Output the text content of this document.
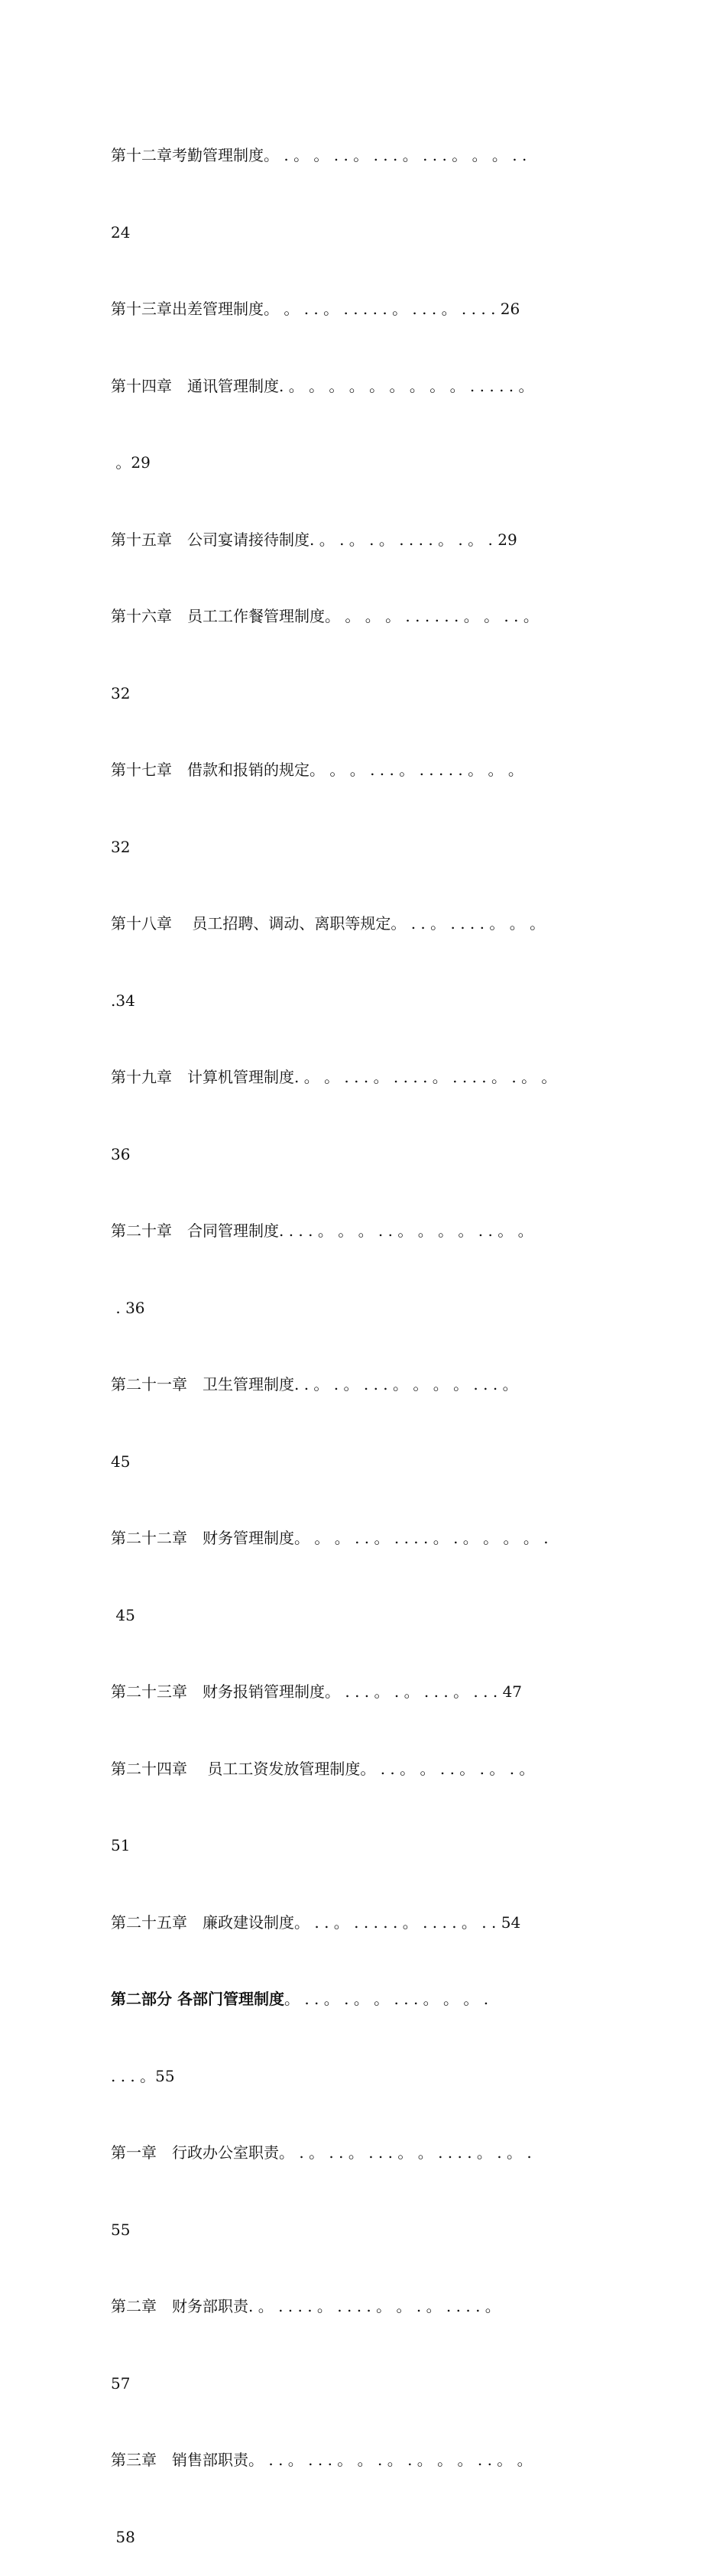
第十二章考勤管理制度。 . 。 。 . . 。 . . . 。 . . . 。 。 。 . .

24

第十三章出差管理制度。 。 . . 。 . . . . . 。 . . . 。 . . . . 26

第十四章　通讯管理制度. 。 。 。 。 。 。 。 。 。 . . . . . 。

。29

第十五章　公司宴请接待制度. 。 . 。 . 。 . . . . 。 . 。 . 29

第十六章　员工工作餐管理制度。 。 。 。 . . . . . . 。 。 . . 。

32

第十七章　借款和报销的规定。 。 。 . . . 。 . . . . . 。 。 。

32

第十八章　 员工招聘、调动、离职等规定。 . . 。 . . . . 。 。 。

.34

第十九章　计算机管理制度. 。 。 . . . 。 . . . . 。 . . . . 。 . 。 。

36

第二十章　合同管理制度. . . . 。 。 。 . . 。 。 。 。 . . 。 。

. 36

第二十一章　卫生管理制度. . 。 . 。 . . . 。 。 。 。 . . . 。

45

第二十二章　财务管理制度。 。 。 . . 。 . . . . 。 . 。 。 。 。 .

45

第二十三章　财务报销管理制度。 . . . 。 . 。 . . . 。 . . . 47

第二十四章　 员工工资发放管理制度。 . . 。 。 . . 。 . 。 . 。

51

第二十五章　廉政建设制度。 . . 。 . . . . . 。 . . . . 。 . . 54

第二部分 各部门管理制度。 . . 。 . 。 。 . . . 。 。 。 .

. . . 。55

第一章　行政办公室职责。 . 。 . . 。 . . . 。 。 . . . . 。 . 。 .

55

第二章　财务部职责. 。 . . . . 。 . . . . 。 。 . 。 . . . . 。

57

第三章　销售部职责。 . . 。 . . . 。 。 . 。 . 。 。 。 . . 。 。

58
